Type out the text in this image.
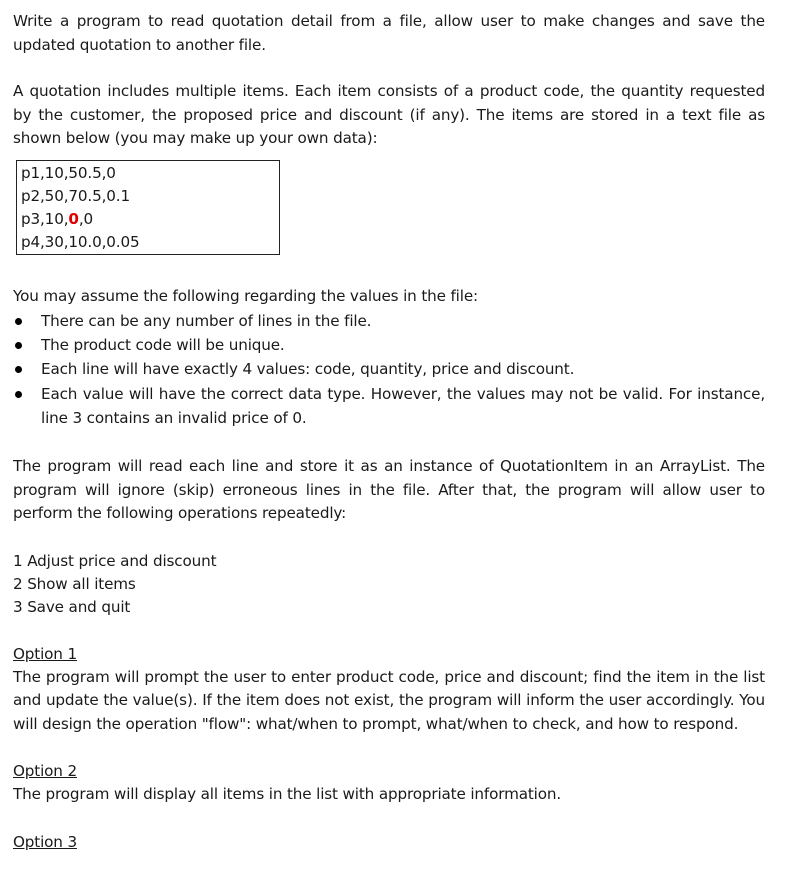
Write a program to read quotation detail from a file, allow user to make changes and save the updated quotation to another file.

A quotation includes multiple items. Each item consists of a product code, the quantity requested by the customer, the proposed price and discount (if any). The items are stored in a text file as shown below (you may make up your own data):

p1,10,50.5,0
p2,50,70.5,0.1
p3,10,0,0
p4,30,10.0,0.05

You may assume the following regarding the values in the file:

There can be any number of lines in the file.
The product code will be unique.
Each line will have exactly 4 values: code, quantity, price and discount.
Each value will have the correct data type. However, the values may not be valid. For instance, line 3 contains an invalid price of 0.

The program will read each line and store it as an instance of QuotationItem in an ArrayList. The program will ignore (skip) erroneous lines in the file. After that, the program will allow user to perform the following operations repeatedly:

1 Adjust price and discount
2 Show all items
3 Save and quit
Option 1

The program will prompt the user to enter product code, price and discount; find the item in the list and update the value(s). If the item does not exist, the program will inform the user accordingly. You will design the operation "flow": what/when to prompt, what/when to check, and how to respond.

Option 2

The program will display all items in the list with appropriate information.

Option 3
